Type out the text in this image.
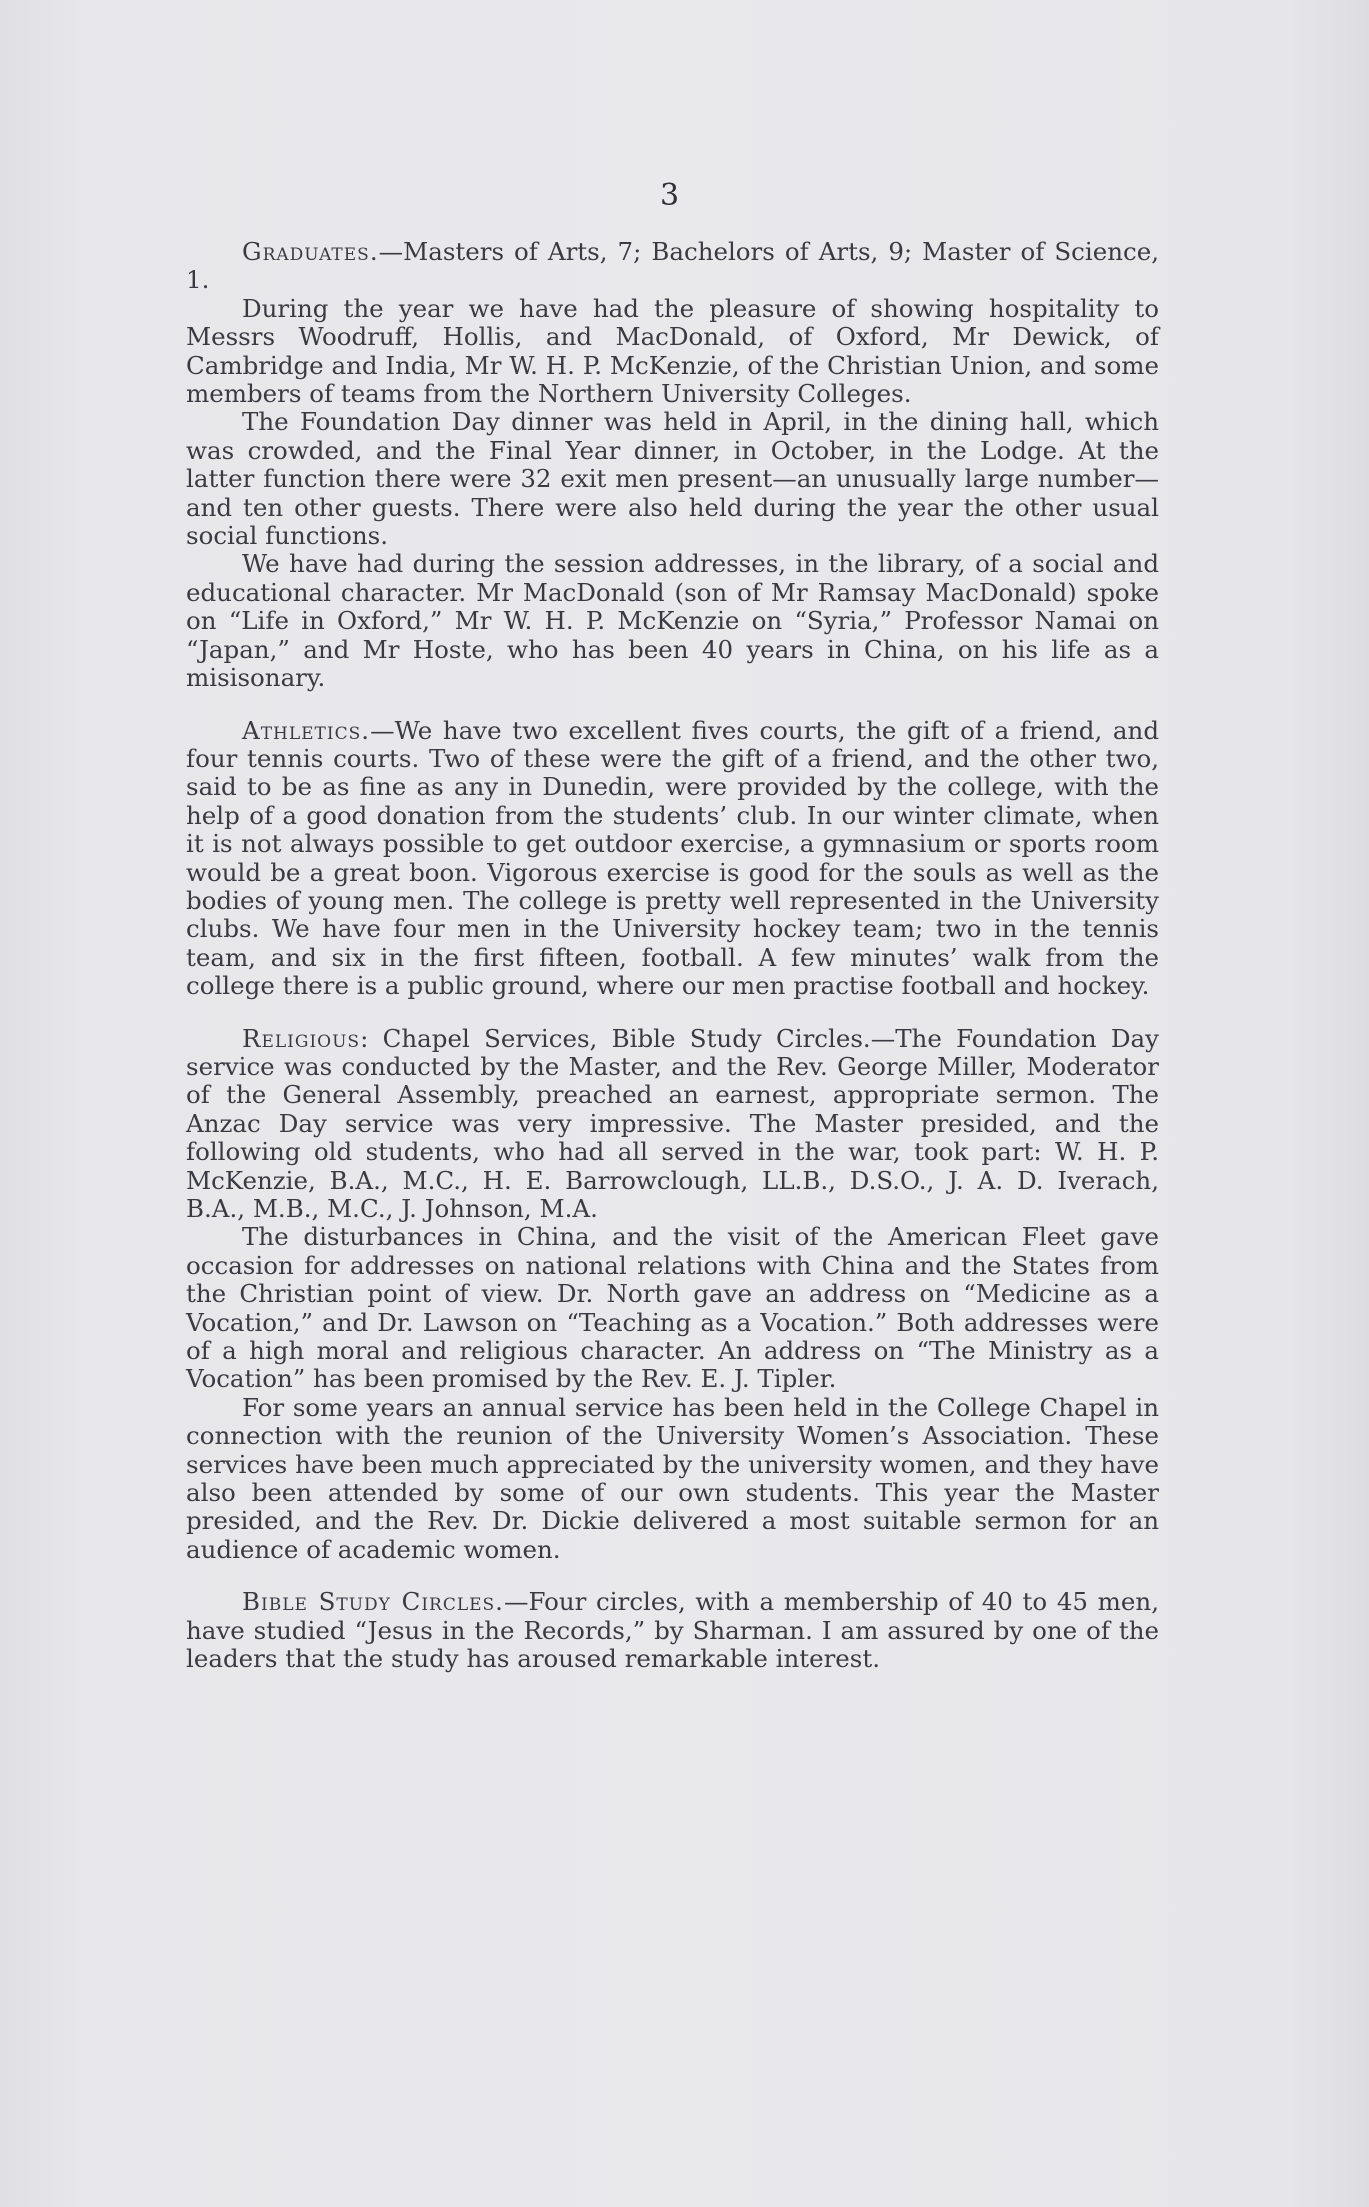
3

Graduates.—Masters of Arts, 7; Bachelors of Arts, 9; Master of Science, 1.

During the year we have had the pleasure of showing hospitality to Messrs Woodruff, Hollis, and MacDonald, of Oxford, Mr Dewick, of Cambridge and India, Mr W. H. P. McKenzie, of the Christian Union, and some members of teams from the Northern University Colleges.

The Foundation Day dinner was held in April, in the dining hall, which was crowded, and the Final Year dinner, in October, in the Lodge. At the latter function there were 32 exit men present—an unusually large number—and ten other guests. There were also held during the year the other usual social functions.

We have had during the session addresses, in the library, of a social and educational character. Mr MacDonald (son of Mr Ramsay MacDonald) spoke on “Life in Oxford,” Mr W. H. P. McKenzie on “Syria,” Professor Namai on “Japan,” and Mr Hoste, who has been 40 years in China, on his life as a misisonary.

Athletics.—We have two excellent fives courts, the gift of a friend, and four tennis courts. Two of these were the gift of a friend, and the other two, said to be as fine as any in Dunedin, were provided by the college, with the help of a good donation from the students’ club. In our winter climate, when it is not always possible to get outdoor exercise, a gymnasium or sports room would be a great boon. Vigorous exercise is good for the souls as well as the bodies of young men. The college is pretty well represented in the University clubs. We have four men in the University hockey team; two in the tennis team, and six in the first fifteen, football. A few minutes’ walk from the college there is a public ground, where our men practise football and hockey.

Religious: Chapel Services, Bible Study Circles.—The Foundation Day service was conducted by the Master, and the Rev. George Miller, Moderator of the General Assembly, preached an earnest, appropriate sermon. The Anzac Day service was very impressive. The Master presided, and the following old students, who had all served in the war, took part: W. H. P. McKenzie, B.A., M.C., H. E. Barrowclough, LL.B., D.S.O., J. A. D. Iverach, B.A., M.B., M.C., J. Johnson, M.A.

The disturbances in China, and the visit of the American Fleet gave occasion for addresses on national relations with China and the States from the Christian point of view. Dr. North gave an address on “Medicine as a Vocation,” and Dr. Lawson on “Teaching as a Vocation.” Both addresses were of a high moral and religious character. An address on “The Ministry as a Vocation” has been promised by the Rev. E. J. Tipler.

For some years an annual service has been held in the College Chapel in connection with the reunion of the University Women’s Association. These services have been much appreciated by the university women, and they have also been attended by some of our own students. This year the Master presided, and the Rev. Dr. Dickie delivered a most suitable sermon for an audience of academic women.

Bible Study Circles.—Four circles, with a membership of 40 to 45 men, have studied “Jesus in the Records,” by Sharman. I am assured by one of the leaders that the study has aroused remarkable interest.
